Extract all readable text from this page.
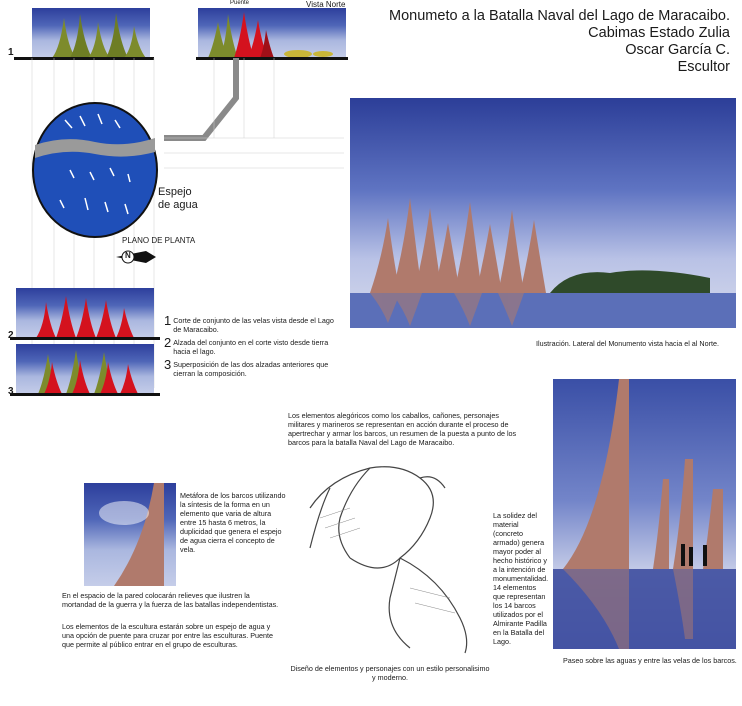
Monumeto a la Batalla Naval del Lago de Maracaibo.
Cabimas Estado Zulia
Oscar García C.
Escultor
1
Puente	Vista Norte
Espejo
de agua
PLANO DE PLANTA
N
2
3
1 Corte de conjunto de las velas vista desde el Lago de Maracaibo.
2 Alzada del conjunto en el corte visto desde tierra hacia el lago.
3 Superposición de las dos alzadas anteriores que cierran la composición.
Ilustración. Lateral del Monumento vista hacia el al Norte.
Metáfora de los barcos utilizando la síntesis de la forma en un elemento que varia de altura entre 15 hasta 6 metros, la duplicidad que genera el espejo de agua cierra el concepto de vela.
En el espacio de la pared colocarán relieves que ilustren la mortandad de la guerra y la fuerza de las batallas independentistas.
Los elementos de la escultura estarán sobre un espejo de agua y una opción de puente para cruzar por entre las esculturas. Puente que permite al público entrar en el grupo de esculturas.
Los elementos alegóricos como los caballos, cañones, personajes militares y marineros se representan en acción durante el proceso de apertrechar y armar los barcos, un resumen de la puesta a punto de los barcos para la batalla Naval del Lago de Maracaibo.
Diseño de elementos y personajes con un estilo personalisimo y moderno.
La solidez del material (concreto armado) genera mayor poder al hecho histórico y a la intención de monumentalidad. 14 elementos que representan los 14 barcos utilizados por el Almirante Padilla en la Batalla del Lago.
Paseo sobre las aguas y entre las velas de los barcos.
